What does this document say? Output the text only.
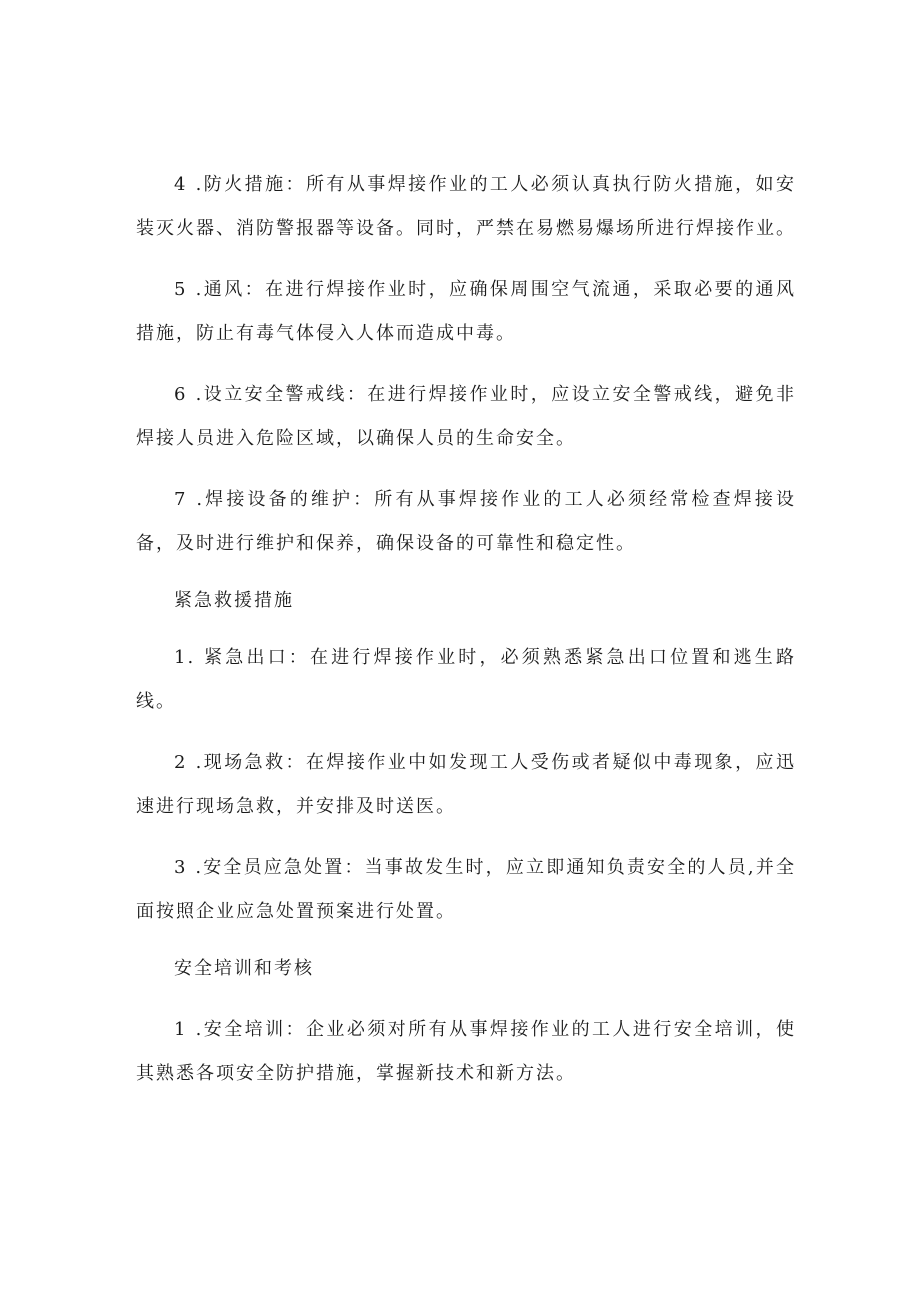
4 .防火措施：所有从事焊接作业的工人必须认真执行防火措施，如安装灭火器、消防警报器等设备。同时，严禁在易燃易爆场所进行焊接作业。

5 .通风：在进行焊接作业时，应确保周围空气流通，采取必要的通风措施，防止有毒气体侵入人体而造成中毒。

6 .设立安全警戒线：在进行焊接作业时，应设立安全警戒线，避免非焊接人员进入危险区域，以确保人员的生命安全。

7 .焊接设备的维护：所有从事焊接作业的工人必须经常检查焊接设备，及时进行维护和保养，确保设备的可靠性和稳定性。

紧急救援措施

1. 紧急出口：在进行焊接作业时，必须熟悉紧急出口位置和逃生路线。

2 .现场急救：在焊接作业中如发现工人受伤或者疑似中毒现象，应迅速进行现场急救，并安排及时送医。

3 .安全员应急处置：当事故发生时，应立即通知负责安全的人员,并全面按照企业应急处置预案进行处置。

安全培训和考核

1 .安全培训：企业必须对所有从事焊接作业的工人进行安全培训，使其熟悉各项安全防护措施，掌握新技术和新方法。
